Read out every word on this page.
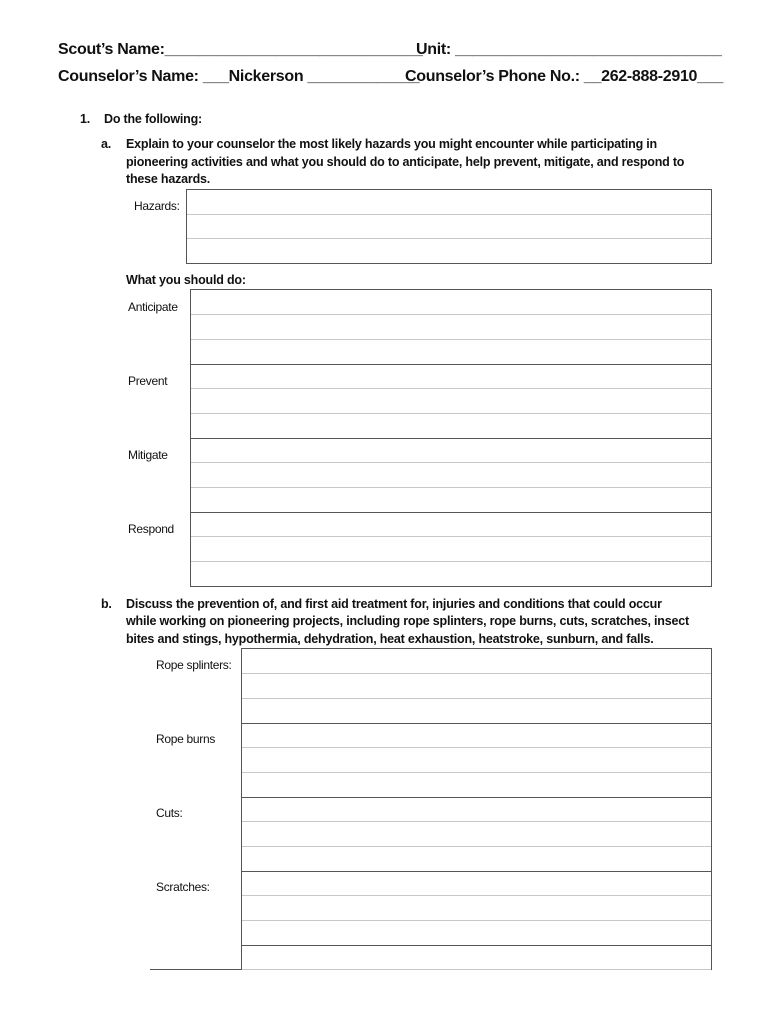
Scout’s Name:______________________________
Unit: _______________________________
Counselor’s Name: ___Nickerson _____________
Counselor’s Phone No.: __262-888-2910___
1. Do the following:
a. Explain to your counselor the most likely hazards you might encounter while participating in
pioneering activities and what you should do to anticipate, help prevent, mitigate, and respond to
these hazards.
Hazards:
What you should do:
Anticipate
Prevent
Mitigate
Respond
b. Discuss the prevention of, and first aid treatment for, injuries and conditions that could occur
while working on pioneering projects, including rope splinters, rope burns, cuts, scratches, insect
bites and stings, hypothermia, dehydration, heat exhaustion, heatstroke, sunburn, and falls.
Rope splinters:
Rope burns
Cuts:
Scratches:
